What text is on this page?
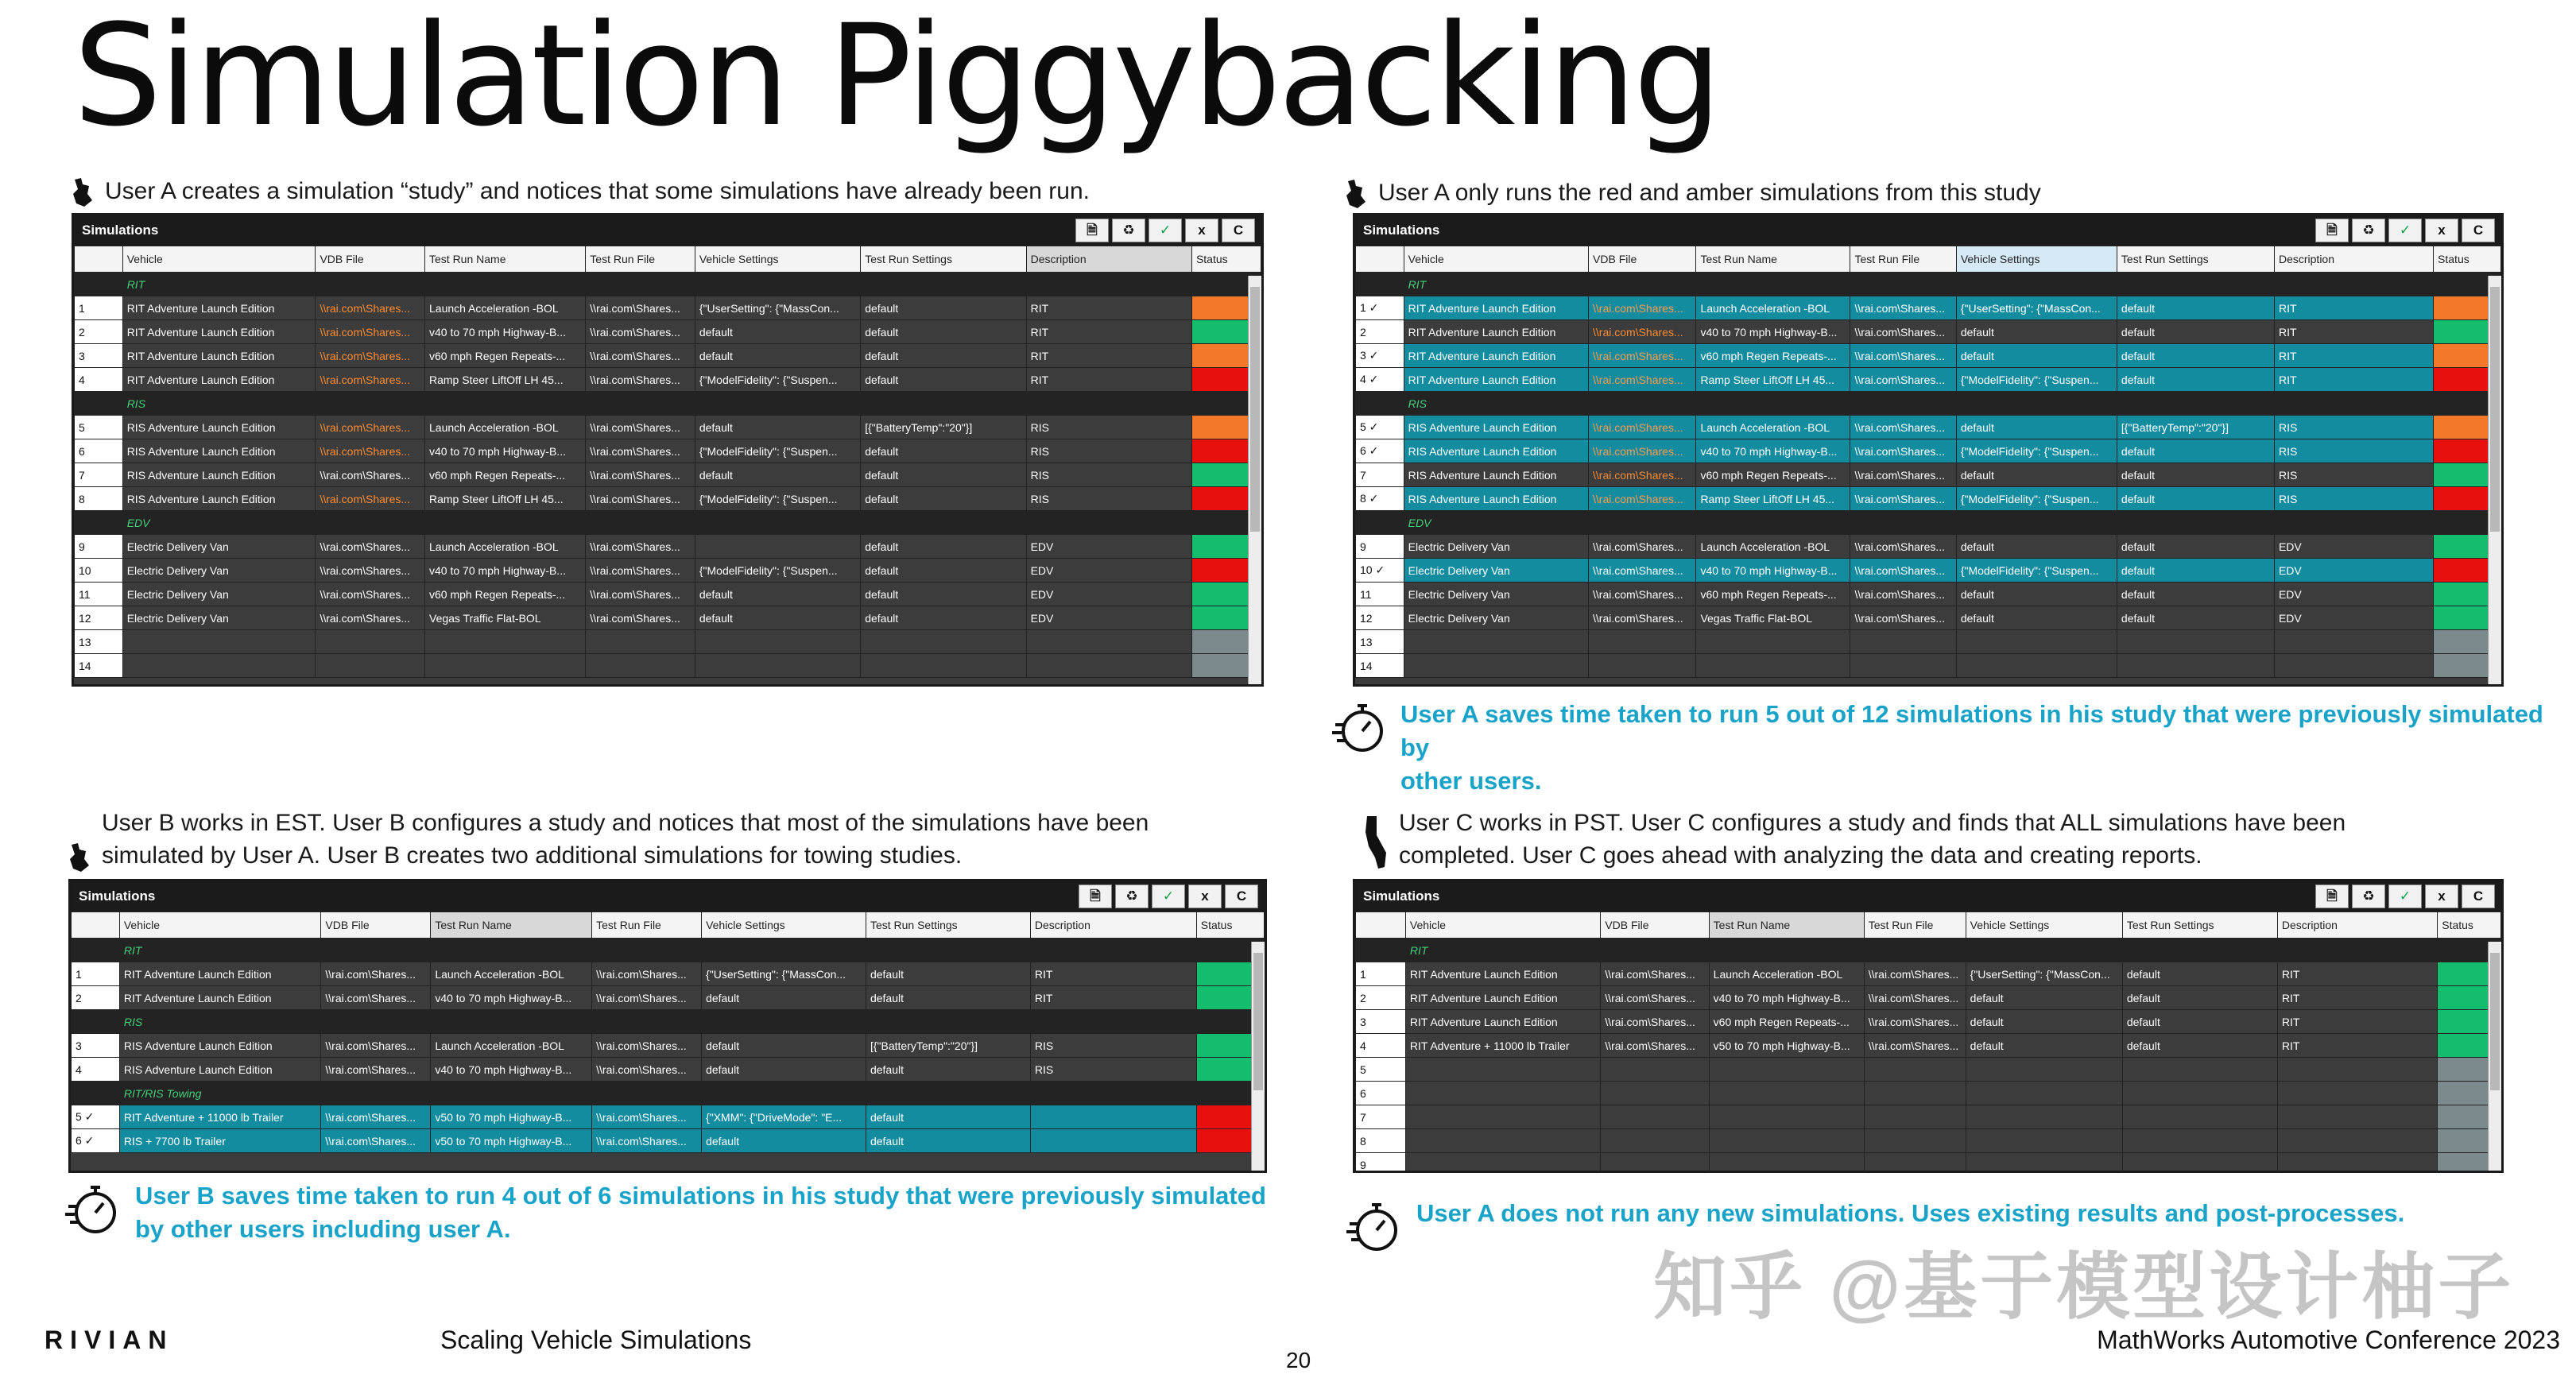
Simulation Piggybacking
User A creates a simulation “study” and notices that some simulations have already been run.	User A only runs the red and amber simulations from this study
User B works in EST. User B configures a study and notices that most of the simulations have been
simulated by User A. User B creates two additional simulations for towing studies.
User C works in PST. User C configures a study and finds that ALL simulations have been
completed. User C goes ahead with analyzing the data and creating reports.
Simulations	🗎	♻	✓	x	C
	Vehicle	VDB File	Test Run Name	Test Run File	Vehicle Settings	Test Run Settings	Description	Status
	RIT							
1	RIT Adventure Launch Edition	\\rai.com\Shares...	Launch Acceleration -BOL	\\rai.com\Shares...	{"UserSetting": {"MassCon...	default	RIT	
2	RIT Adventure Launch Edition	\\rai.com\Shares...	v40 to 70 mph Highway-B...	\\rai.com\Shares...	default	default	RIT	
3	RIT Adventure Launch Edition	\\rai.com\Shares...	v60 mph Regen Repeats-...	\\rai.com\Shares...	default	default	RIT	
4	RIT Adventure Launch Edition	\\rai.com\Shares...	Ramp Steer LiftOff LH 45...	\\rai.com\Shares...	{"ModelFidelity": {"Suspen...	default	RIT	
	RIS							
5	RIS Adventure Launch Edition	\\rai.com\Shares...	Launch Acceleration -BOL	\\rai.com\Shares...	default	[{"BatteryTemp":"20"}]	RIS	
6	RIS Adventure Launch Edition	\\rai.com\Shares...	v40 to 70 mph Highway-B...	\\rai.com\Shares...	{"ModelFidelity": {"Suspen...	default	RIS	
7	RIS Adventure Launch Edition	\\rai.com\Shares...	v60 mph Regen Repeats-...	\\rai.com\Shares...	default	default	RIS	
8	RIS Adventure Launch Edition	\\rai.com\Shares...	Ramp Steer LiftOff LH 45...	\\rai.com\Shares...	{"ModelFidelity": {"Suspen...	default	RIS	
	EDV							
9	Electric Delivery Van	\\rai.com\Shares...	Launch Acceleration -BOL	\\rai.com\Shares...		default	EDV	
10	Electric Delivery Van	\\rai.com\Shares...	v40 to 70 mph Highway-B...	\\rai.com\Shares...	{"ModelFidelity": {"Suspen...	default	EDV	
11	Electric Delivery Van	\\rai.com\Shares...	v60 mph Regen Repeats-...	\\rai.com\Shares...	default	default	EDV	
12	Electric Delivery Van	\\rai.com\Shares...	Vegas Traffic Flat-BOL	\\rai.com\Shares...	default	default	EDV	
13								
14								
Simulations	🗎	♻	✓	x	C
	Vehicle	VDB File	Test Run Name	Test Run File	Vehicle Settings	Test Run Settings	Description	Status
	RIT							
1 ✓	RIT Adventure Launch Edition	\\rai.com\Shares...	Launch Acceleration -BOL	\\rai.com\Shares...	{"UserSetting": {"MassCon...	default	RIT	
2	RIT Adventure Launch Edition	\\rai.com\Shares...	v40 to 70 mph Highway-B...	\\rai.com\Shares...	default	default	RIT	
3 ✓	RIT Adventure Launch Edition	\\rai.com\Shares...	v60 mph Regen Repeats-...	\\rai.com\Shares...	default	default	RIT	
4 ✓	RIT Adventure Launch Edition	\\rai.com\Shares...	Ramp Steer LiftOff LH 45...	\\rai.com\Shares...	{"ModelFidelity": {"Suspen...	default	RIT	
	RIS							
5 ✓	RIS Adventure Launch Edition	\\rai.com\Shares...	Launch Acceleration -BOL	\\rai.com\Shares...	default	[{"BatteryTemp":"20"}]	RIS	
6 ✓	RIS Adventure Launch Edition	\\rai.com\Shares...	v40 to 70 mph Highway-B...	\\rai.com\Shares...	{"ModelFidelity": {"Suspen...	default	RIS	
7	RIS Adventure Launch Edition	\\rai.com\Shares...	v60 mph Regen Repeats-...	\\rai.com\Shares...	default	default	RIS	
8 ✓	RIS Adventure Launch Edition	\\rai.com\Shares...	Ramp Steer LiftOff LH 45...	\\rai.com\Shares...	{"ModelFidelity": {"Suspen...	default	RIS	
	EDV							
9	Electric Delivery Van	\\rai.com\Shares...	Launch Acceleration -BOL	\\rai.com\Shares...	default	default	EDV	
10 ✓	Electric Delivery Van	\\rai.com\Shares...	v40 to 70 mph Highway-B...	\\rai.com\Shares...	{"ModelFidelity": {"Suspen...	default	EDV	
11	Electric Delivery Van	\\rai.com\Shares...	v60 mph Regen Repeats-...	\\rai.com\Shares...	default	default	EDV	
12	Electric Delivery Van	\\rai.com\Shares...	Vegas Traffic Flat-BOL	\\rai.com\Shares...	default	default	EDV	
13								
14								
Simulations	🗎	♻	✓	x	C
	Vehicle	VDB File	Test Run Name	Test Run File	Vehicle Settings	Test Run Settings	Description	Status
	RIT							
1	RIT Adventure Launch Edition	\\rai.com\Shares...	Launch Acceleration -BOL	\\rai.com\Shares...	{"UserSetting": {"MassCon...	default	RIT	
2	RIT Adventure Launch Edition	\\rai.com\Shares...	v40 to 70 mph Highway-B...	\\rai.com\Shares...	default	default	RIT	
	RIS							
3	RIS Adventure Launch Edition	\\rai.com\Shares...	Launch Acceleration -BOL	\\rai.com\Shares...	default	[{"BatteryTemp":"20"}]	RIS	
4	RIS Adventure Launch Edition	\\rai.com\Shares...	v40 to 70 mph Highway-B...	\\rai.com\Shares...	default	default	RIS	
	RIT/RIS Towing							
5 ✓	RIT Adventure + 11000 lb Trailer	\\rai.com\Shares...	v50 to 70 mph Highway-B...	\\rai.com\Shares...	{"XMM": {"DriveMode": "E...	default		
6 ✓	RIS + 7700 lb Trailer	\\rai.com\Shares...	v50 to 70 mph Highway-B...	\\rai.com\Shares...	default	default		
Simulations	🗎	♻	✓	x	C
	Vehicle	VDB File	Test Run Name	Test Run File	Vehicle Settings	Test Run Settings	Description	Status
	RIT							
1	RIT Adventure Launch Edition	\\rai.com\Shares...	Launch Acceleration -BOL	\\rai.com\Shares...	{"UserSetting": {"MassCon...	default	RIT	
2	RIT Adventure Launch Edition	\\rai.com\Shares...	v40 to 70 mph Highway-B...	\\rai.com\Shares...	default	default	RIT	
3	RIT Adventure Launch Edition	\\rai.com\Shares...	v60 mph Regen Repeats-...	\\rai.com\Shares...	default	default	RIT	
4	RIT Adventure + 11000 lb Trailer	\\rai.com\Shares...	v50 to 70 mph Highway-B...	\\rai.com\Shares...	default	default	RIT	
5								
6								
7								
8								
9								
User A saves time taken to run 5 out of 12 simulations in his study that were previously simulated by
other users.
User B saves time taken to run 4 out of 6 simulations in his study that were previously simulated
by other users including user A.
User A does not run any new simulations. Uses existing results and post-processes.
知乎 @基于模型设计柚子
RIVIAN	Scaling Vehicle Simulations	MathWorks Automotive Conference 2023
20
